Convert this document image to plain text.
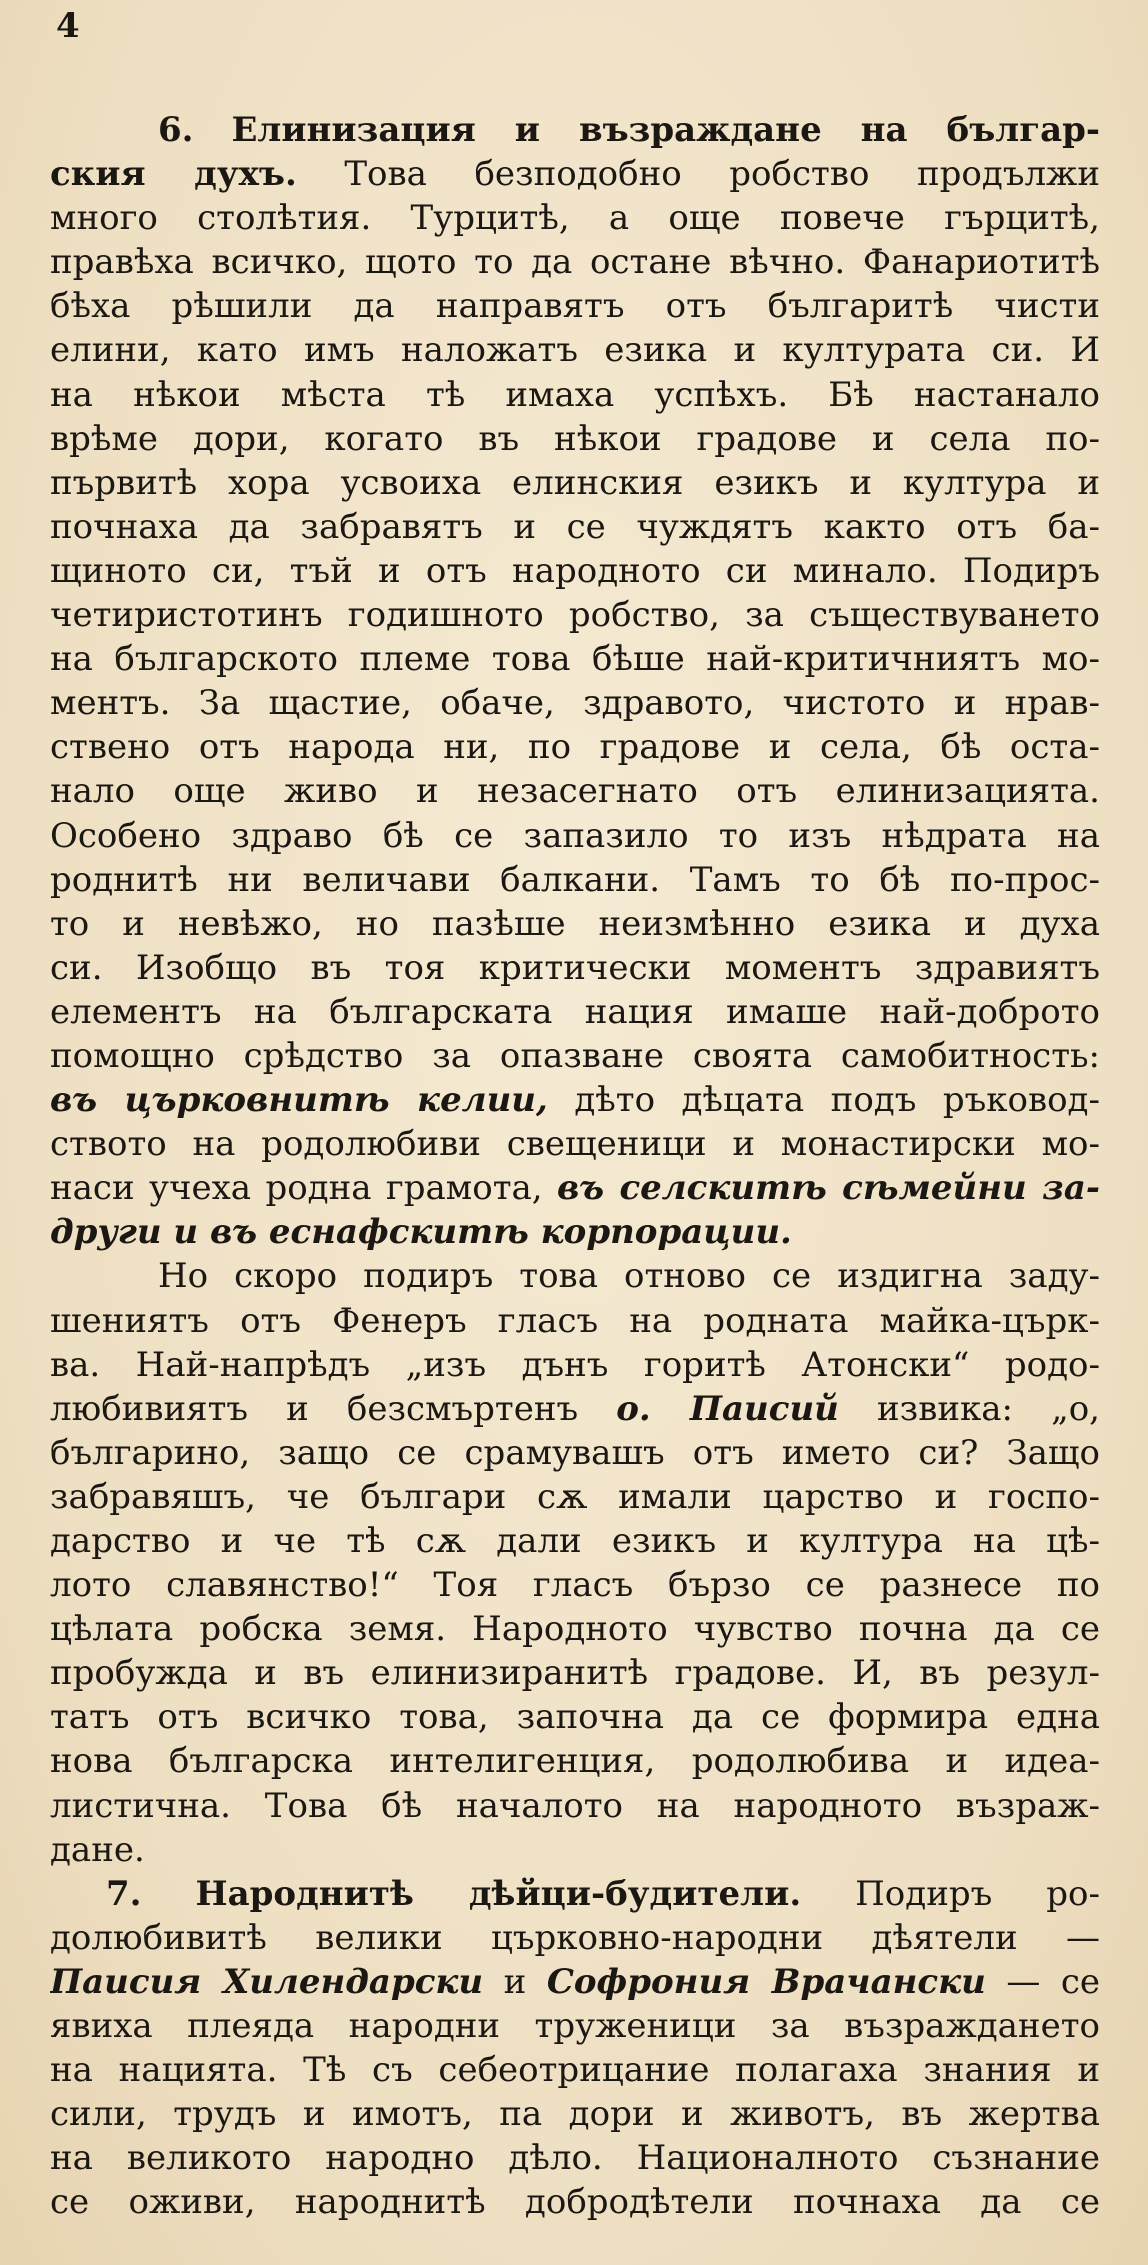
4
6. Елинизация и възраждане на българ-
ския духъ. Това безподобно робство продължи
много столѣтия. Турцитѣ, а още повече гърцитѣ,
правѣха всичко, щото то да остане вѣчно. Фанариотитѣ
бѣха рѣшили да направятъ отъ българитѣ чисти
елини, като имъ наложатъ езика и културата си. И
на нѣкои мѣста тѣ имаха успѣхъ. Бѣ настанало
врѣме дори, когато въ нѣкои градове и села по-
първитѣ хора усвоиха елинския езикъ и култура и
почнаха да забравятъ и се чуждятъ както отъ ба-
щиното си, тъй и отъ народното си минало. Подиръ
четиристотинъ годишното робство, за съществуването
на българското племе това бѣше най-критичниятъ мо-
ментъ. За щастие, обаче, здравото, чистото и нрав-
ствено отъ народа ни, по градове и села, бѣ оста-
нало още живо и незасегнато отъ елинизацията.
Особено здраво бѣ се запазило то изъ нѣдрата на
роднитѣ ни величави балкани. Тамъ то бѣ по-прос-
то и невѣжо, но пазѣше неизмѣнно езика и духа
си. Изобщо въ тоя критически моментъ здравиятъ
елементъ на българската нация имаше най-доброто
помощно срѣдство за опазване своята самобитность:
въ църковнитѣ келии, дѣто дѣцата подъ ръковод-
ството на родолюбиви свещеници и монастирски мо-
наси учеха родна грамота, въ селскитѣ сѣмейни за-
други и въ еснафскитѣ корпорации.
Но скоро подиръ това отново се издигна заду-
шениятъ отъ Фенеръ гласъ на родната майка-църк-
ва. Най-напрѣдъ „изъ дънъ горитѣ Атонски“ родо-
любивиятъ и безсмъртенъ о. Паисий извика: „о,
българино, защо се срамувашъ отъ името си? Защо
забравяшъ, че българи сѫ имали царство и госпо-
дарство и че тѣ сѫ дали езикъ и култура на цѣ-
лото славянство!“ Тоя гласъ бързо се разнесе по
цѣлата робска земя. Народното чувство почна да се
пробужда и въ елинизиранитѣ градове. И, въ резул-
татъ отъ всичко това, започна да се формира една
нова българска интелигенция, родолюбива и идеа-
листична. Това бѣ началото на народното възраж-
дане.
7. Народнитѣ дѣйци-будители. Подиръ ро-
долюбивитѣ велики църковно-народни дѣятели —
Паисия Хилендарски и Софрония Врачански — се
явиха плеяда народни труженици за възраждането
на нацията. Тѣ съ себеотрицание полагаха знания и
сили, трудъ и имотъ, па дори и животъ, въ жертва
на великото народно дѣло. Националното съзнание
се оживи, народнитѣ добродѣтели почнаха да се
